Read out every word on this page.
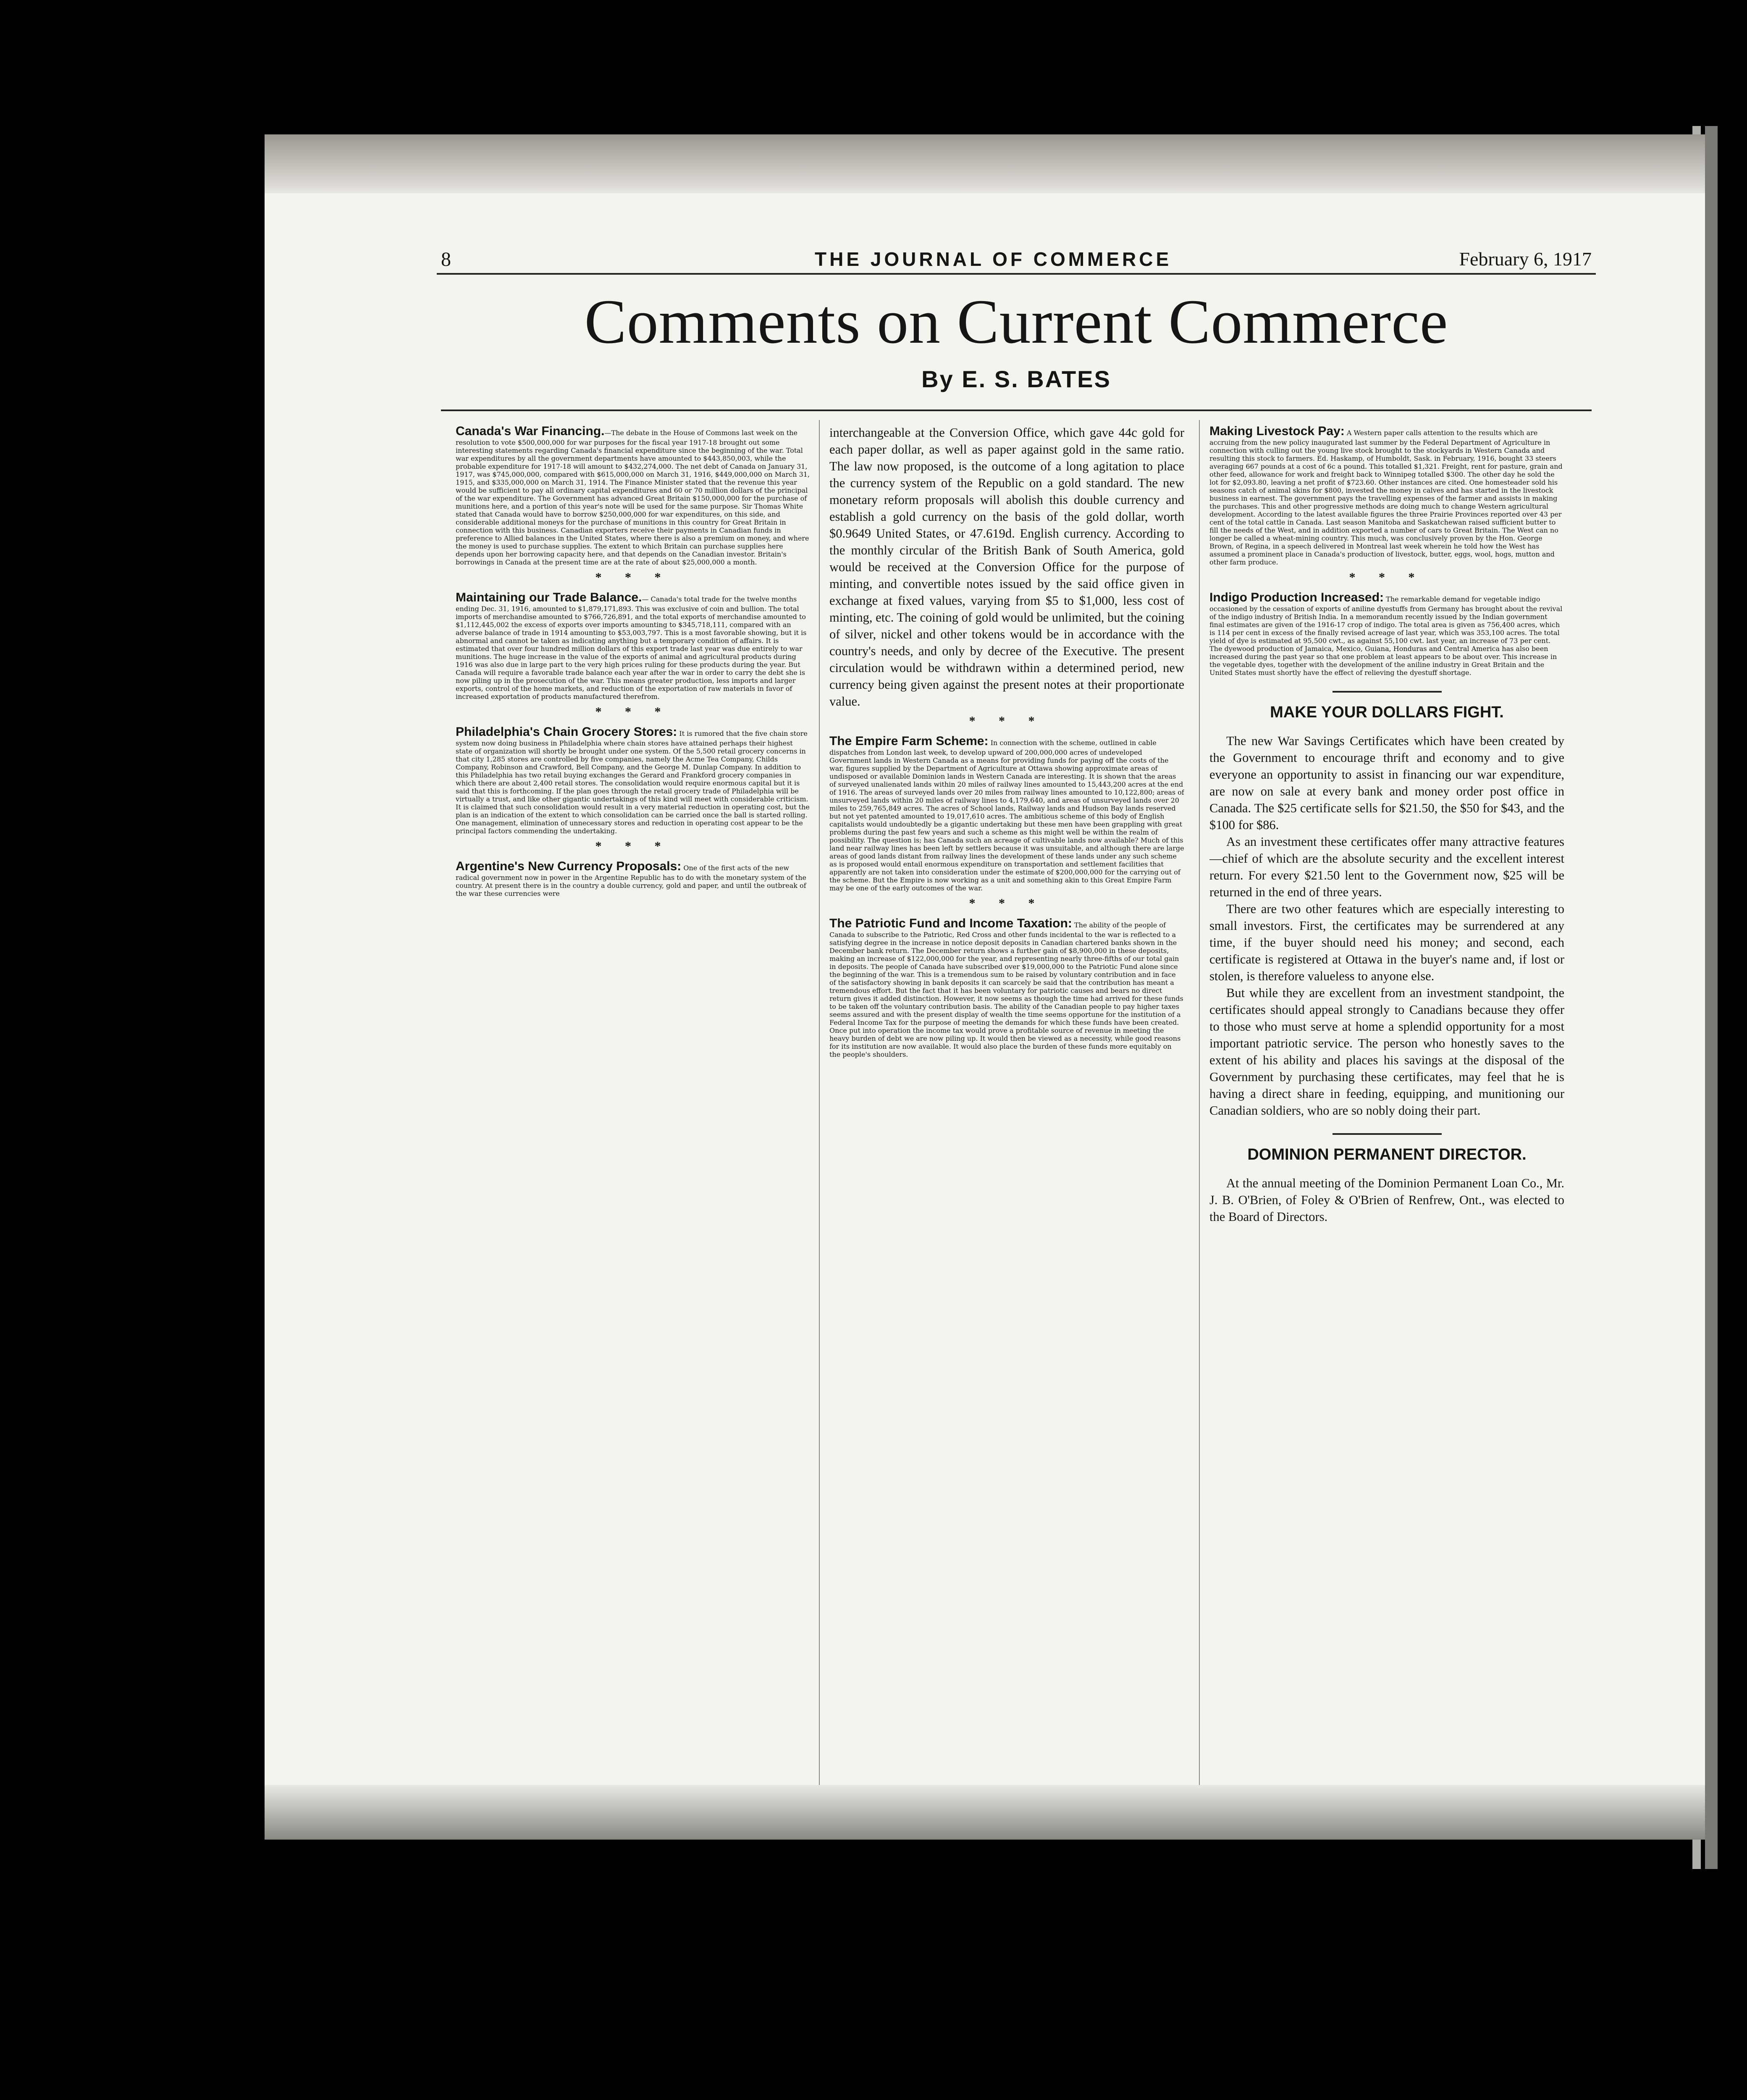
8	THE JOURNAL OF COMMERCE	February 6, 1917
Comments on Current Commerce
By E. S. BATES

Canada's War Financing.—The debate in the House of Commons last week on the resolution to vote $500,000,000 for war purposes for the fiscal year 1917-18 brought out some interesting statements regarding Canada's financial expenditure since the beginning of the war. Total war expenditures by all the government departments have amounted to $443,850,003, while the probable expenditure for 1917-18 will amount to $432,274,000. The net debt of Canada on January 31, 1917, was $745,000,000, compared with $615,000,000 on March 31, 1916, $449,000,000 on March 31, 1915, and $335,000,000 on March 31, 1914. The Finance Minister stated that the revenue this year would be sufficient to pay all ordinary capital expenditures and 60 or 70 million dollars of the principal of the war expenditure. The Government has advanced Great Britain $150,000,000 for the purchase of munitions here, and a portion of this year's note will be used for the same purpose. Sir Thomas White stated that Canada would have to borrow $250,000,000 for war expenditures, on this side, and considerable additional moneys for the purchase of munitions in this country for Great Britain in connection with this business. Canadian exporters receive their payments in Canadian funds in preference to Allied balances in the United States, where there is also a premium on money, and where the money is used to purchase supplies. The extent to which Britain can purchase supplies here depends upon her borrowing capacity here, and that depends on the Canadian investor. Britain's borrowings in Canada at the present time are at the rate of about $25,000,000 a month.

* * *

Maintaining our Trade Balance.— Canada's total trade for the twelve months ending Dec. 31, 1916, amounted to $1,879,171,893. This was exclusive of coin and bullion. The total imports of merchandise amounted to $766,726,891, and the total exports of merchandise amounted to $1,112,445,002 the excess of exports over imports amounting to $345,718,111, compared with an adverse balance of trade in 1914 amounting to $53,003,797. This is a most favorable showing, but it is abnormal and cannot be taken as indicating anything but a temporary condition of affairs. It is estimated that over four hundred million dollars of this export trade last year was due entirely to war munitions. The huge increase in the value of the exports of animal and agricultural products during 1916 was also due in large part to the very high prices ruling for these products during the year. But Canada will require a favorable trade balance each year after the war in order to carry the debt she is now piling up in the prosecution of the war. This means greater production, less imports and larger exports, control of the home markets, and reduction of the exportation of raw materials in favor of increased exportation of products manufactured therefrom.

* * *

Philadelphia's Chain Grocery Stores: It is rumored that the five chain store system now doing business in Philadelphia where chain stores have attained perhaps their highest state of organization will shortly be brought under one system. Of the 5,500 retail grocery concerns in that city 1,285 stores are controlled by five companies, namely the Acme Tea Company, Childs Company, Robinson and Crawford, Bell Company, and the George M. Dunlap Company. In addition to this Philadelphia has two retail buying exchanges the Gerard and Frankford grocery companies in which there are about 2,400 retail stores. The consolidation would require enormous capital but it is said that this is forthcoming. If the plan goes through the retail grocery trade of Philadelphia will be virtually a trust, and like other gigantic undertakings of this kind will meet with considerable criticism. It is claimed that such consolidation would result in a very material reduction in operating cost, but the plan is an indication of the extent to which consolidation can be carried once the ball is started rolling. One management, elimination of unnecessary stores and reduction in operating cost appear to be the principal factors commending the undertaking.

* * *

Argentine's New Currency Proposals: One of the first acts of the new radical government now in power in the Argentine Republic has to do with the monetary system of the country. At present there is in the country a double currency, gold and paper, and until the outbreak of the war these currencies were

interchangeable at the Conversion Office, which gave 44c gold for each paper dollar, as well as paper against gold in the same ratio. The law now proposed, is the outcome of a long agitation to place the currency system of the Republic on a gold standard. The new monetary reform proposals will abolish this double currency and establish a gold currency on the basis of the gold dollar, worth $0.9649 United States, or 47.619d. English currency. According to the monthly circular of the British Bank of South America, gold would be received at the Conversion Office for the purpose of minting, and convertible notes issued by the said office given in exchange at fixed values, varying from $5 to $1,000, less cost of minting, etc. The coining of gold would be unlimited, but the coining of silver, nickel and other tokens would be in accordance with the country's needs, and only by decree of the Executive. The present circulation would be withdrawn within a determined period, new currency being given against the present notes at their proportionate value.

* * *

The Empire Farm Scheme: In connection with the scheme, outlined in cable dispatches from London last week, to develop upward of 200,000,000 acres of undeveloped Government lands in Western Canada as a means for providing funds for paying off the costs of the war, figures supplied by the Department of Agriculture at Ottawa showing approximate areas of undisposed or available Dominion lands in Western Canada are interesting. It is shown that the areas of surveyed unalienated lands within 20 miles of railway lines amounted to 15,443,200 acres at the end of 1916. The areas of surveyed lands over 20 miles from railway lines amounted to 10,122,800; areas of unsurveyed lands within 20 miles of railway lines to 4,179,640, and areas of unsurveyed lands over 20 miles to 259,765,849 acres. The acres of School lands, Railway lands and Hudson Bay lands reserved but not yet patented amounted to 19,017,610 acres. The ambitious scheme of this body of English capitalists would undoubtedly be a gigantic undertaking but these men have been grappling with great problems during the past few years and such a scheme as this might well be within the realm of possibility. The question is; has Canada such an acreage of cultivable lands now available? Much of this land near railway lines has been left by settlers because it was unsuitable, and although there are large areas of good lands distant from railway lines the development of these lands under any such scheme as is proposed would entail enormous expenditure on transportation and settlement facilities that apparently are not taken into consideration under the estimate of $200,000,000 for the carrying out of the scheme. But the Empire is now working as a unit and something akin to this Great Empire Farm may be one of the early outcomes of the war.

* * *

The Patriotic Fund and Income Taxation: The ability of the people of Canada to subscribe to the Patriotic, Red Cross and other funds incidental to the war is reflected to a satisfying degree in the increase in notice deposit deposits in Canadian chartered banks shown in the December bank return. The December return shows a further gain of $8,900,000 in these deposits, making an increase of $122,000,000 for the year, and representing nearly three-fifths of our total gain in deposits. The people of Canada have subscribed over $19,000,000 to the Patriotic Fund alone since the beginning of the war. This is a tremendous sum to be raised by voluntary contribution and in face of the satisfactory showing in bank deposits it can scarcely be said that the contribution has meant a tremendous effort. But the fact that it has been voluntary for patriotic causes and bears no direct return gives it added distinction. However, it now seems as though the time had arrived for these funds to be taken off the voluntary contribution basis. The ability of the Canadian people to pay higher taxes seems assured and with the present display of wealth the time seems opportune for the institution of a Federal Income Tax for the purpose of meeting the demands for which these funds have been created. Once put into operation the income tax would prove a profitable source of revenue in meeting the heavy burden of debt we are now piling up. It would then be viewed as a necessity, while good reasons for its institution are now available. It would also place the burden of these funds more equitably on the people's shoulders.

Making Livestock Pay: A Western paper calls attention to the results which are accruing from the new policy inaugurated last summer by the Federal Department of Agriculture in connection with culling out the young live stock brought to the stockyards in Western Canada and resulting this stock to farmers. Ed. Haskamp, of Humboldt, Sask. in February, 1916, bought 33 steers averaging 667 pounds at a cost of 6c a pound. This totalled $1,321. Freight, rent for pasture, grain and other feed, allowance for work and freight back to Winnipeg totalled $300. The other day he sold the lot for $2,093.80, leaving a net profit of $723.60. Other instances are cited. One homesteader sold his seasons catch of animal skins for $800, invested the money in calves and has started in the livestock business in earnest. The government pays the travelling expenses of the farmer and assists in making the purchases. This and other progressive methods are doing much to change Western agricultural development. According to the latest available figures the three Prairie Provinces reported over 43 per cent of the total cattle in Canada. Last season Manitoba and Saskatchewan raised sufficient butter to fill the needs of the West, and in addition exported a number of cars to Great Britain. The West can no longer be called a wheat-mining country. This much, was conclusively proven by the Hon. George Brown, of Regina, in a speech delivered in Montreal last week wherein he told how the West has assumed a prominent place in Canada's production of livestock, butter, eggs, wool, hogs, mutton and other farm produce.

* * *

Indigo Production Increased: The remarkable demand for vegetable indigo occasioned by the cessation of exports of aniline dyestuffs from Germany has brought about the revival of the indigo industry of British India. In a memorandum recently issued by the Indian government final estimates are given of the 1916-17 crop of indigo. The total area is given as 756,400 acres, which is 114 per cent in excess of the finally revised acreage of last year, which was 353,100 acres. The total yield of dye is estimated at 95,500 cwt., as against 55,100 cwt. last year, an increase of 73 per cent. The dyewood production of Jamaica, Mexico, Guiana, Honduras and Central America has also been increased during the past year so that one problem at least appears to be about over. This increase in the vegetable dyes, together with the development of the aniline industry in Great Britain and the United States must shortly have the effect of relieving the dyestuff shortage.

MAKE YOUR DOLLARS FIGHT.

The new War Savings Certificates which have been created by the Government to encourage thrift and economy and to give everyone an opportunity to assist in financing our war expenditure, are now on sale at every bank and money order post office in Canada. The $25 certificate sells for $21.50, the $50 for $43, and the $100 for $86.

As an investment these certificates offer many attractive features—chief of which are the absolute security and the excellent interest return. For every $21.50 lent to the Government now, $25 will be returned in the end of three years.

There are two other features which are especially interesting to small investors. First, the certificates may be surrendered at any time, if the buyer should need his money; and second, each certificate is registered at Ottawa in the buyer's name and, if lost or stolen, is therefore valueless to anyone else.

But while they are excellent from an investment standpoint, the certificates should appeal strongly to Canadians because they offer to those who must serve at home a splendid opportunity for a most important patriotic service. The person who honestly saves to the extent of his ability and places his savings at the disposal of the Government by purchasing these certificates, may feel that he is having a direct share in feeding, equipping, and munitioning our Canadian soldiers, who are so nobly doing their part.

DOMINION PERMANENT DIRECTOR.

At the annual meeting of the Dominion Permanent Loan Co., Mr. J. B. O'Brien, of Foley & O'Brien of Renfrew, Ont., was elected to the Board of Directors.
